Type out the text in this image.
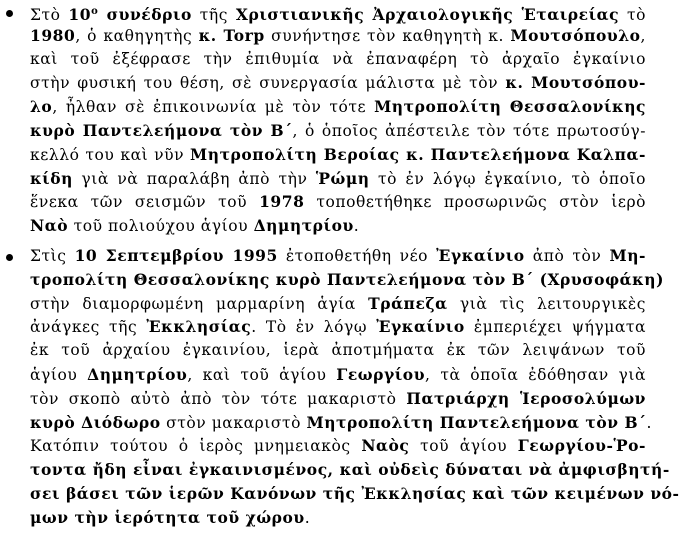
Στὸ $10^o$ συνέδριο τῆς Χριστιανικῆς Ἀρχαιολογικῆς Ἑταιρείας τὸ
1980, ὁ καθηγητὴς κ. Torp συνήντησε τὸν καθηγητὴ κ. Μουτσόπουλο,
καὶ τοῦ ἐξέφρασε τὴν ἐπιθυμία νὰ ἐπαναφέρη τὸ ἀρχαῖο ἐγκαίνιο
στὴν φυσική του θέση, σὲ συνεργασία μάλιστα μὲ τὸν κ. Μουτσόπου-
λο, ἦλθαν σὲ ἐπικοινωνία μὲ τὸν τότε Μητροπολίτη Θεσσαλονίκης
κυρὸ Παντελεήμονα τὸν Β΄, ὁ ὁποῖος ἀπέστειλε τὸν τότε πρωτοσύγ-
κελλό του καὶ νῦν Μητροπολίτη Βεροίας κ. Παντελεήμονα Καλπα-
κίδη γιὰ νὰ παραλάβη ἀπὸ τὴν Ῥώμη τὸ ἐν λόγῳ ἐγκαίνιο, τὸ ὁποῖο
ἕνεκα τῶν σεισμῶν τοῦ 1978 τοποθετήθηκε προσωρινῶς στὸν ἱερὸ
Ναὸ τοῦ πολιούχου ἁγίου Δημητρίου.
Στὶς 10 Σεπτεμβρίου 1995 ἐτοποθετήθη νέο Ἐγκαίνιο ἀπὸ τὸν Μη-
τροπολίτη Θεσσαλονίκης κυρὸ Παντελεήμονα τὸν Β΄ (Χρυσοφάκη)
στὴν διαμορφωμένη μαρμαρίνη ἁγία Τράπεζα γιὰ τὶς λειτουργικὲς
ἀνάγκες τῆς Ἐκκλησίας. Τὸ ἐν λόγῳ Ἐγκαίνιο ἐμπεριέχει ψήγματα
ἐκ τοῦ ἀρχαίου ἐγκαινίου, ἱερὰ ἀποτμήματα ἐκ τῶν λειψάνων τοῦ
ἁγίου Δημητρίου, καὶ τοῦ ἁγίου Γεωργίου, τὰ ὁποῖα ἐδόθησαν γιὰ
τὸν σκοπὸ αὐτὸ ἀπὸ τὸν τότε μακαριστὸ Πατριάρχη Ἱεροσολύμων
κυρὸ Διόδωρο στὸν μακαριστὸ Μητροπολίτη Παντελεήμονα τὸν Β΄.
Κατόπιν τούτου ὁ ἱερὸς μνημειακὸς Ναὸς τοῦ ἁγίου Γεωργίου-Ῥο-
τοντα ἤδη εἶναι ἐγκαινισμένος, καὶ οὐδεὶς δύναται νὰ ἀμφισβητή-
σει βάσει τῶν ἱερῶν Κανόνων τῆς Ἐκκλησίας καὶ τῶν κειμένων νό-
μων τὴν ἱερότητα τοῦ χώρου.
